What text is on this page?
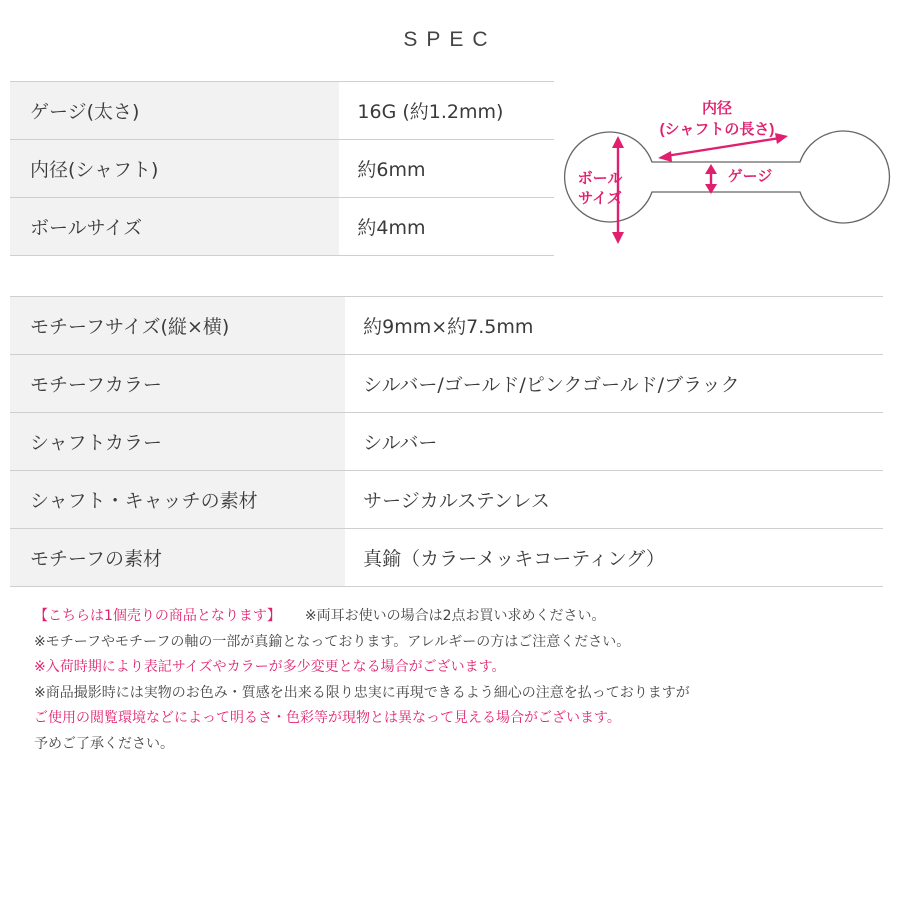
SPEC
ゲージ(太さ)	16G (約1.2mm)
内径(シャフト)	約6mm
ボールサイズ	約4mm
内径
(シャフトの長さ)
ゲージ
ボール
サイズ
モチーフサイズ(縦×横)	約9mm×約7.5mm
モチーフカラー	シルバー/ゴールド/ピンクゴールド/ブラック
シャフトカラー	シルバー
シャフト・キャッチの素材	サージカルステンレス
モチーフの素材	真鍮（カラーメッキコーティング）
【こちらは1個売りの商品となります】 ※両耳お使いの場合は2点お買い求めください。
※モチーフやモチーフの軸の一部が真鍮となっております。アレルギーの方はご注意ください。
※入荷時期により表記サイズやカラーが多少変更となる場合がございます。
※商品撮影時には実物のお色み・質感を出来る限り忠実に再現できるよう細心の注意を払っておりますが
ご使用の閲覧環境などによって明るさ・色彩等が現物とは異なって見える場合がございます。
予めご了承ください。
